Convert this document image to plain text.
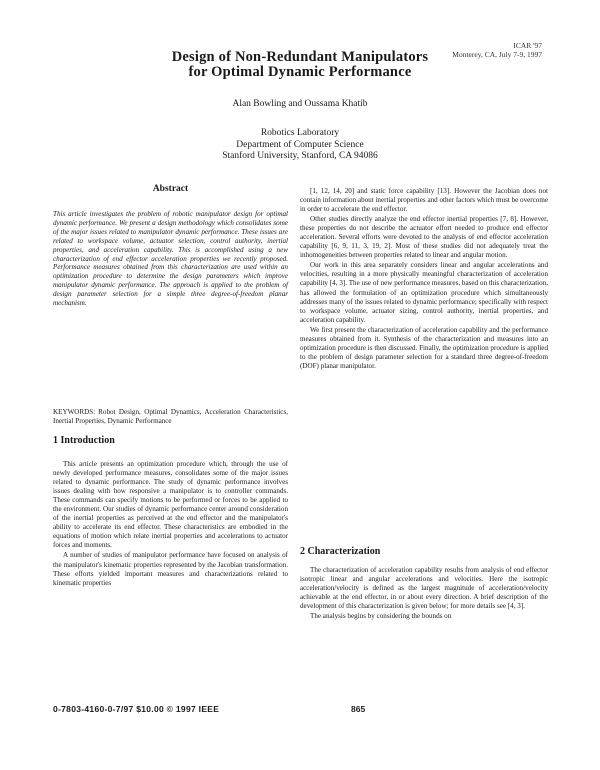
ICAR '97
Monterey, CA, July 7-9, 1997
Design of Non-Redundant Manipulators
for Optimal Dynamic Performance
Alan Bowling and Oussama Khatib
Robotics Laboratory
Department of Computer Science
Stanford University, Stanford, CA 94086
Abstract
This article investigates the problem of robotic manipulator design for optimal dynamic performance. We present a design methodology which consolidates some of the major issues related to manipulator dynamic performance. These issues are related to workspace volume, actuator selection, control authority, inertial properties, and acceleration capability. This is accomplished using a new characterization of end effector acceleration properties we recently proposed. Performance measures obtained from this characterization are used within an optimization procedure to determine the design parameters which improve manipulator dynamic performance. The approach is applied to the problem of design parameter selection for a simple three degree-of-freedom planar mechanism.
KEYWORDS: Robot Design, Optimal Dynamics, Acceleration Characteristics, Inertial Properties, Dynamic Performance
1 Introduction

This article presents an optimization procedure which, through the use of newly developed performance measures, consolidates some of the major issues related to dynamic performance. The study of dynamic performance involves issues dealing with how responsive a manipulator is to controller commands. These commands can specify motions to be performed or forces to be applied to the environment. Our studies of dynamic performance center around consideration of the inertial properties as perceived at the end effector and the manipulator's ability to accelerate its end effector. These characteristics are embodied in the equations of motion which relate inertial properties and accelerations to actuator forces and moments.

A number of studies of manipulator performance have focused on analysis of the manipulator's kinematic properties represented by the Jacobian transformation. These efforts yielded important measures and characterizations related to kinematic properties

[1, 12, 14, 20] and static force capability [13]. However the Jacobian does not contain information about inertial properties and other factors which must be overcome in order to accelerate the end effector.

Other studies directly analyze the end effector inertial properties [7, 8]. However, these properties do not describe the actuator effort needed to produce end effector acceleration. Several efforts were devoted to the analysis of end effector acceleration capability [6, 9, 11, 3, 19, 2]. Most of these studies did not adequately treat the inhomogeneities between properties related to linear and angular motion.

Our work in this area separately considers linear and angular accelerations and velocities, resulting in a more physically meaningful characterization of acceleration capability [4, 3]. The use of new performance measures, based on this characterization, has allowed the formulation of an optimization procedure which simultaneously addresses many of the issues related to dynamic performance; specifically with respect to workspace volume, actuator sizing, control authority, inertial properties, and acceleration capability.

We first present the characterization of acceleration capability and the performance measures obtained from it. Synthesis of the characterization and measures into an optimization procedure is then discussed. Finally, the optimization procedure is applied to the problem of design parameter selection for a standard three degree-of-freedom (DOF) planar manipulator.

2 Characterization

The characterization of acceleration capability results from analysis of end effector isotropic linear and angular accelerations and velocities. Here the isotropic acceleration/velocity is defined as the largest magnitude of acceleration/velocity achievable at the end effector, in or about every direction. A brief description of the development of this characterization is given below; for more details see [4, 3].

The analysis begins by considering the bounds on

0-7803-4160-0-7/97 $10.00 © 1997 IEEE	865
